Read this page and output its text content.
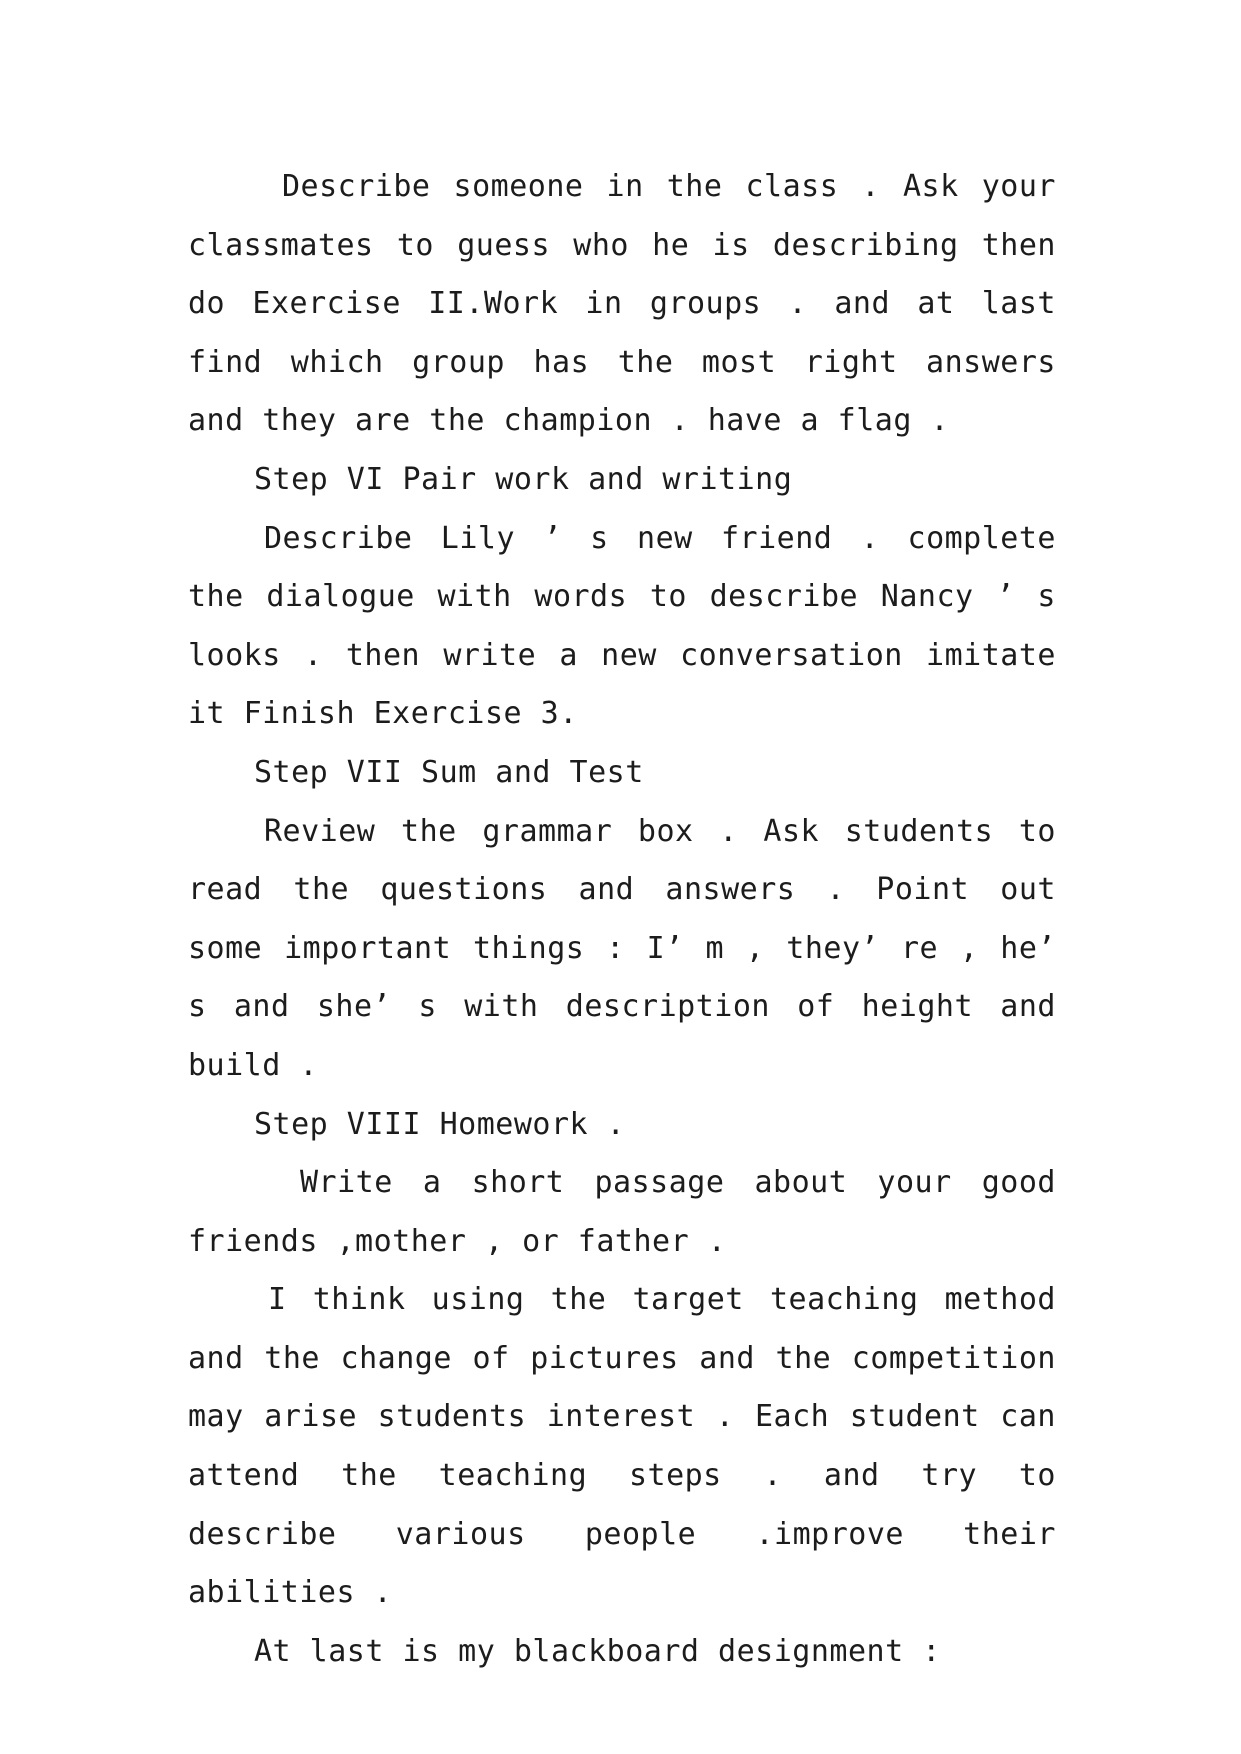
Describe someone in the class . Ask your classmates to guess who he is describing then do Exercise II.Work in groups . and at last find which group has the most right answers and they are the champion . have a flag .

Step VI Pair work and writing

Describe Lily ’ s new friend . complete the dialogue with words to describe Nancy ’ s looks . then write a new conversation imitate it Finish Exercise 3.

Step VII Sum and Test

Review the grammar box . Ask students to read the questions and answers . Point out some important things : I’ m , they’ re , he’ s and she’ s with description of height and build .

Step VIII Homework .

Write a short passage about your good friends ,mother , or father .

I think using the target teaching method and the change of pictures and the competition may arise students interest . Each student can attend the teaching steps . and try to describe various people .improve their abilities .

At last is my blackboard designment :
